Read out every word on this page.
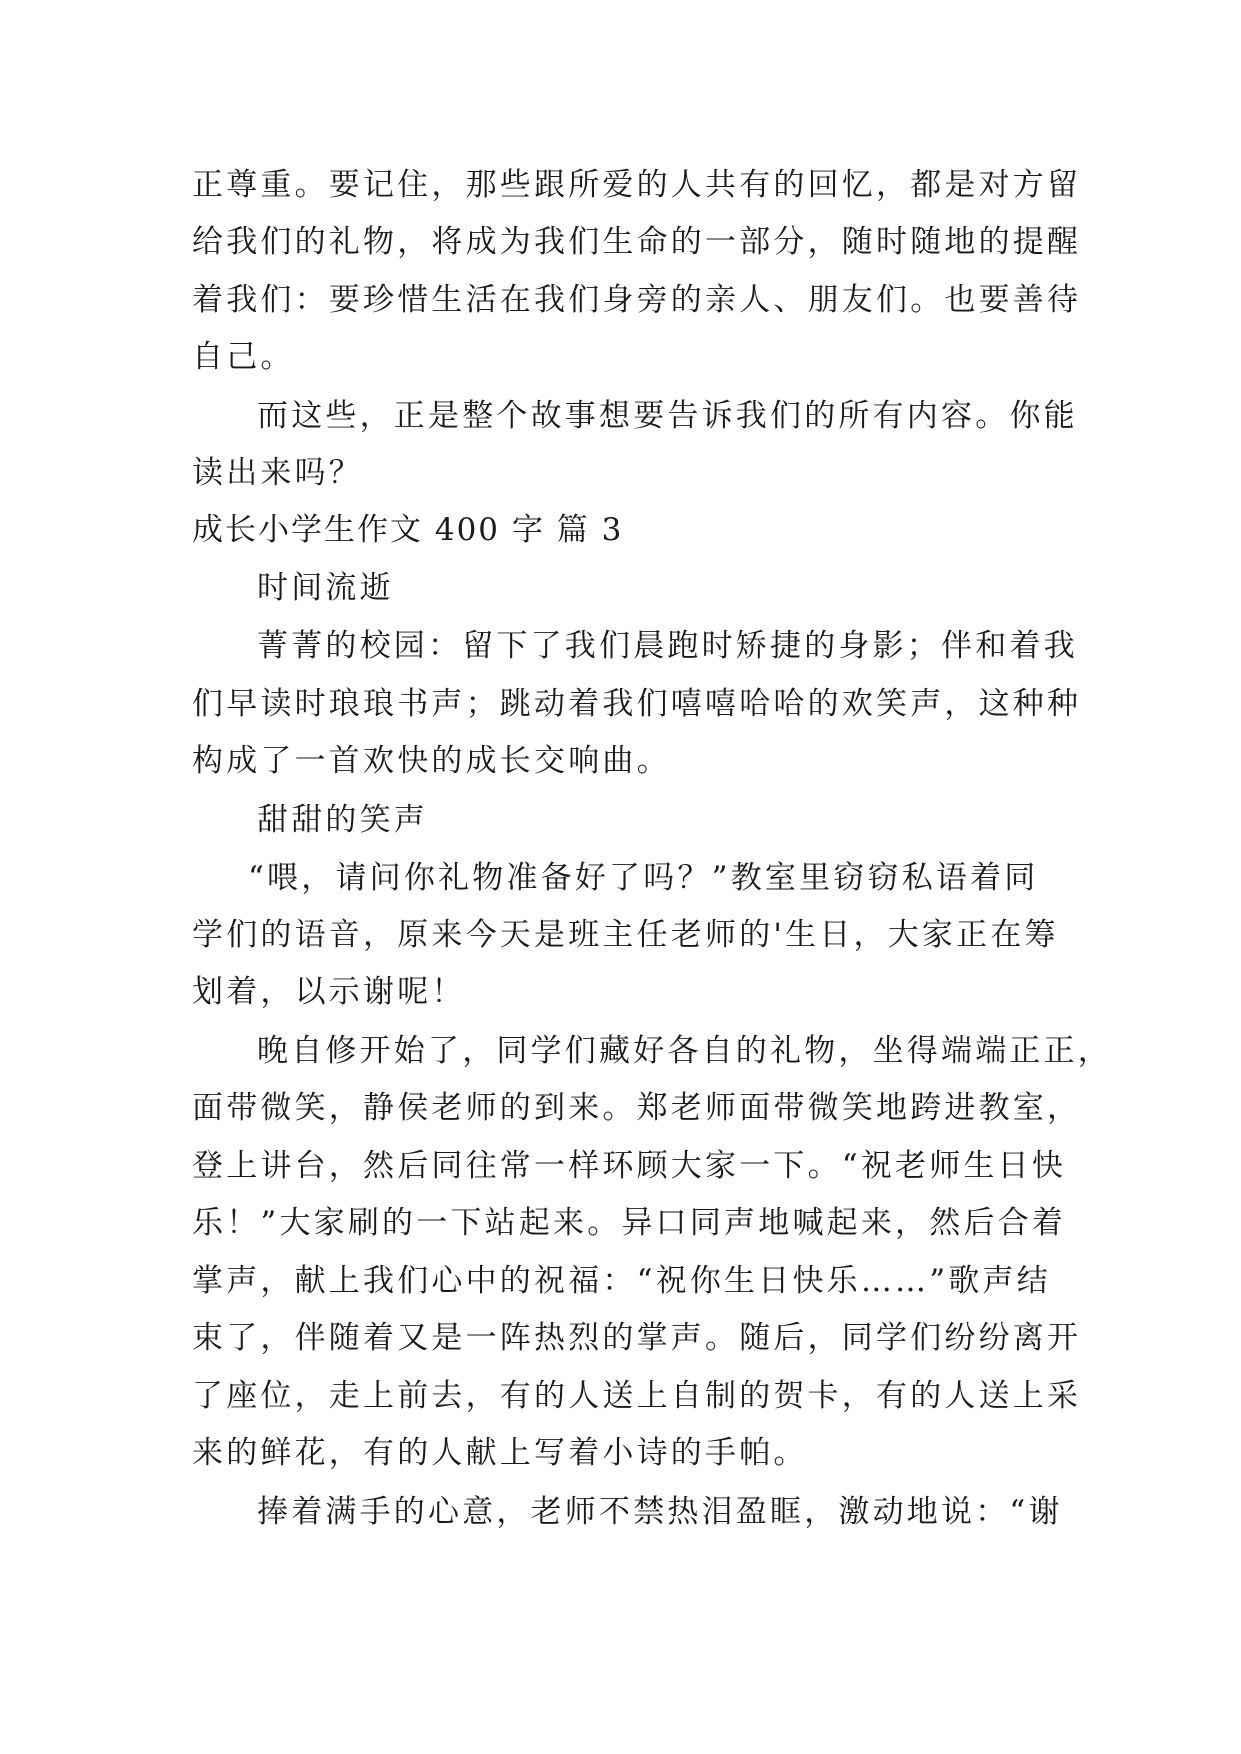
正尊重。要记住，那些跟所爱的人共有的回忆，都是对方留
给我们的礼物，将成为我们生命的一部分，随时随地的提醒
着我们：要珍惜生活在我们身旁的亲人、朋友们。也要善待
自己。
而这些，正是整个故事想要告诉我们的所有内容。你能
读出来吗？
成长小学生作文 400 字 篇 3
时间流逝
菁菁的校园：留下了我们晨跑时矫捷的身影；伴和着我
们早读时琅琅书声；跳动着我们嘻嘻哈哈的欢笑声，这种种
构成了一首欢快的成长交响曲。
甜甜的笑声
“喂，请问你礼物准备好了吗？”教室里窃窃私语着同
学们的语音，原来今天是班主任老师的'生日，大家正在筹
划着，以示谢呢！
晚自修开始了，同学们藏好各自的礼物，坐得端端正正，
面带微笑，静侯老师的到来。郑老师面带微笑地跨进教室，
登上讲台，然后同往常一样环顾大家一下。“祝老师生日快
乐！”大家刷的一下站起来。异口同声地喊起来，然后合着
掌声，献上我们心中的祝福：“祝你生日快乐……”歌声结
束了，伴随着又是一阵热烈的掌声。随后，同学们纷纷离开
了座位，走上前去，有的人送上自制的贺卡，有的人送上采
来的鲜花，有的人献上写着小诗的手帕。
捧着满手的心意，老师不禁热泪盈眶，激动地说：“谢
